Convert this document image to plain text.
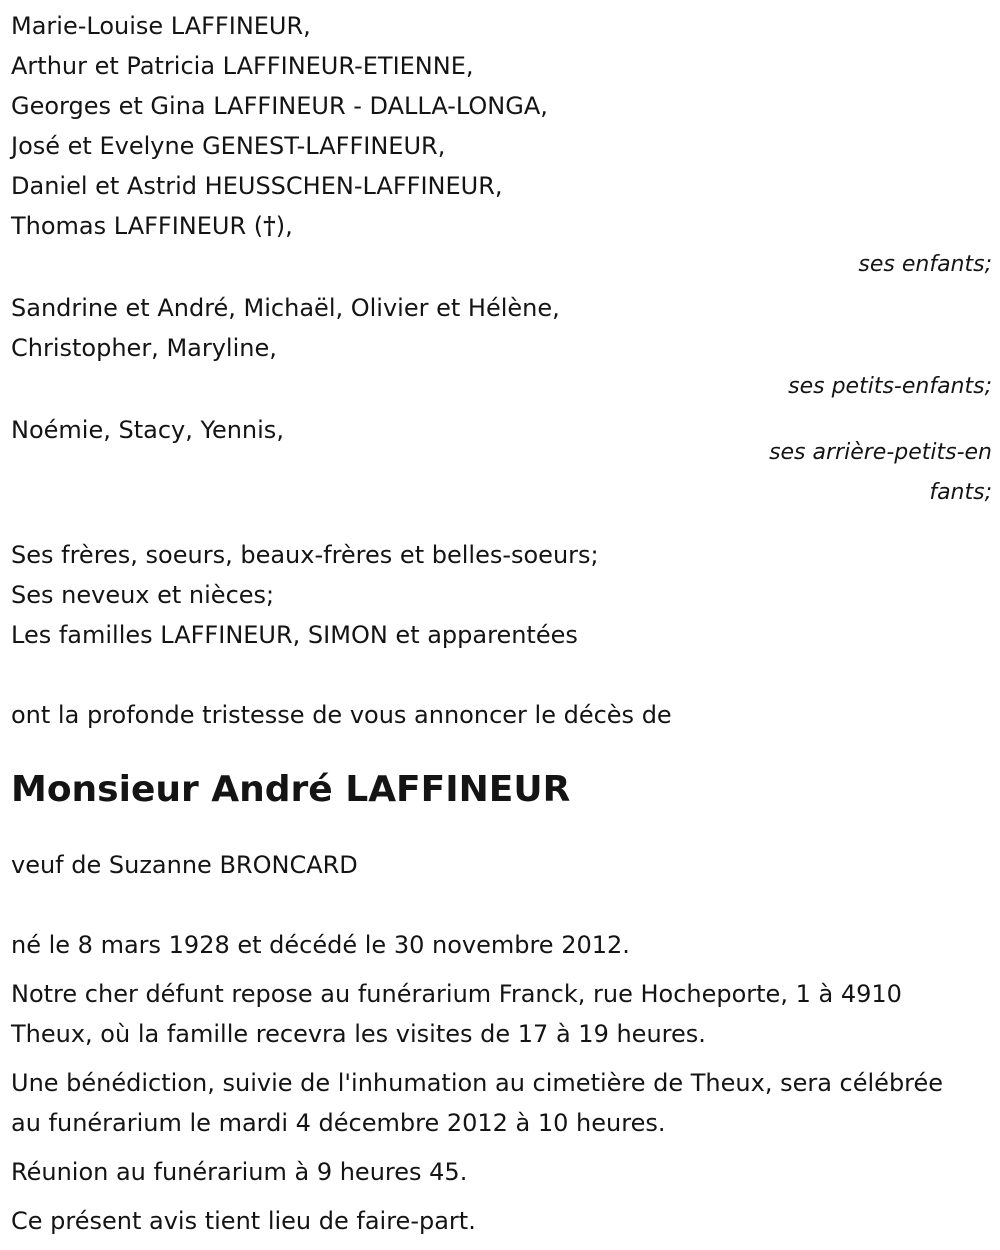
Marie-Louise LAFFINEUR,
Arthur et Patricia LAFFINEUR-ETIENNE,
Georges et Gina LAFFINEUR - DALLA-LONGA,
José et Evelyne GENEST-LAFFINEUR,
Daniel et Astrid HEUSSCHEN-LAFFINEUR,
Thomas LAFFINEUR (†),
ses enfants;
Sandrine et André, Michaël, Olivier et Hélène,
Christopher, Maryline,
ses petits-enfants;
Noémie, Stacy, Yennis,
ses arrière-petits-enfants;
Ses frères, soeurs, beaux-frères et belles-soeurs;
Ses neveux et nièces;
Les familles LAFFINEUR, SIMON et apparentées
ont la profonde tristesse de vous annoncer le décès de
Monsieur André LAFFINEUR
veuf de Suzanne BRONCARD
né le 8 mars 1928 et décédé le 30 novembre 2012.
Notre cher défunt repose au funérarium Franck, rue Hocheporte, 1 à 4910 Theux, où la famille recevra les visites de 17 à 19 heures.
Une bénédiction, suivie de l'inhumation au cimetière de Theux, sera célébrée au funérarium le mardi 4 décembre 2012 à 10 heures.
Réunion au funérarium à 9 heures 45.
Ce présent avis tient lieu de faire-part.
